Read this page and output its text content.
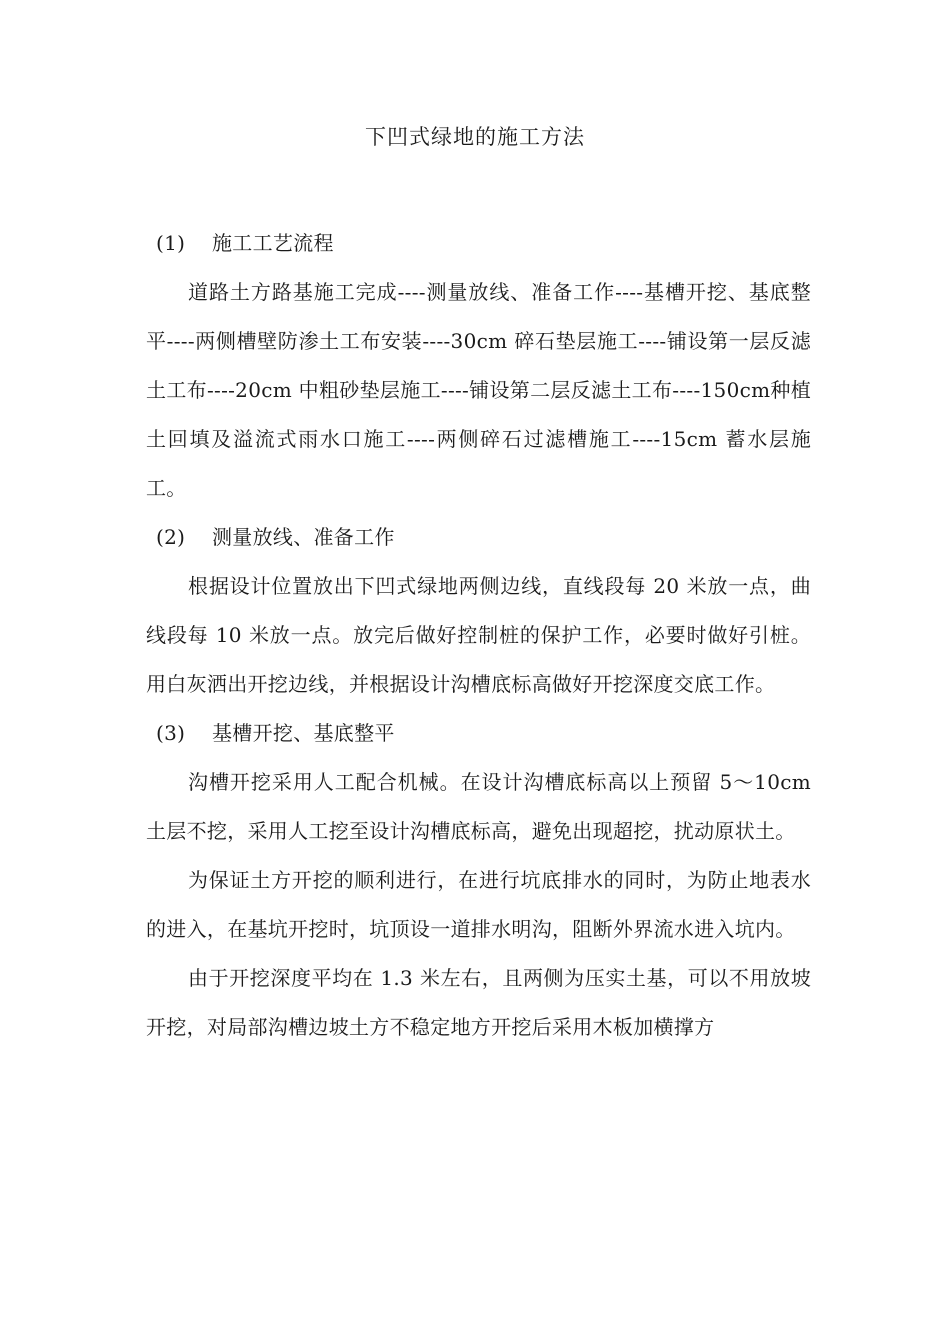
下凹式绿地的施工方法

(1) 施工工艺流程

道路土方路基施工完成----测量放线、准备工作----基槽开挖、基底整平----两侧槽壁防渗土工布安装----30cm 碎石垫层施工----铺设第一层反滤土工布----20cm 中粗砂垫层施工----铺设第二层反滤土工布----150cm种植土回填及溢流式雨水口施工----两侧碎石过滤槽施工----15cm 蓄水层施工。

(2) 测量放线、准备工作

根据设计位置放出下凹式绿地两侧边线，直线段每 20 米放一点，曲线段每 10 米放一点。放完后做好控制桩的保护工作，必要时做好引桩。用白灰洒出开挖边线，并根据设计沟槽底标高做好开挖深度交底工作。

(3) 基槽开挖、基底整平

沟槽开挖采用人工配合机械。在设计沟槽底标高以上预留 5～10cm 土层不挖，采用人工挖至设计沟槽底标高，避免出现超挖，扰动原状土。

为保证土方开挖的顺利进行，在进行坑底排水的同时，为防止地表水的进入，在基坑开挖时，坑顶设一道排水明沟，阻断外界流水进入坑内。

由于开挖深度平均在 1.3 米左右，且两侧为压实土基，可以不用放坡开挖，对局部沟槽边坡土方不稳定地方开挖后采用木板加横撑方
